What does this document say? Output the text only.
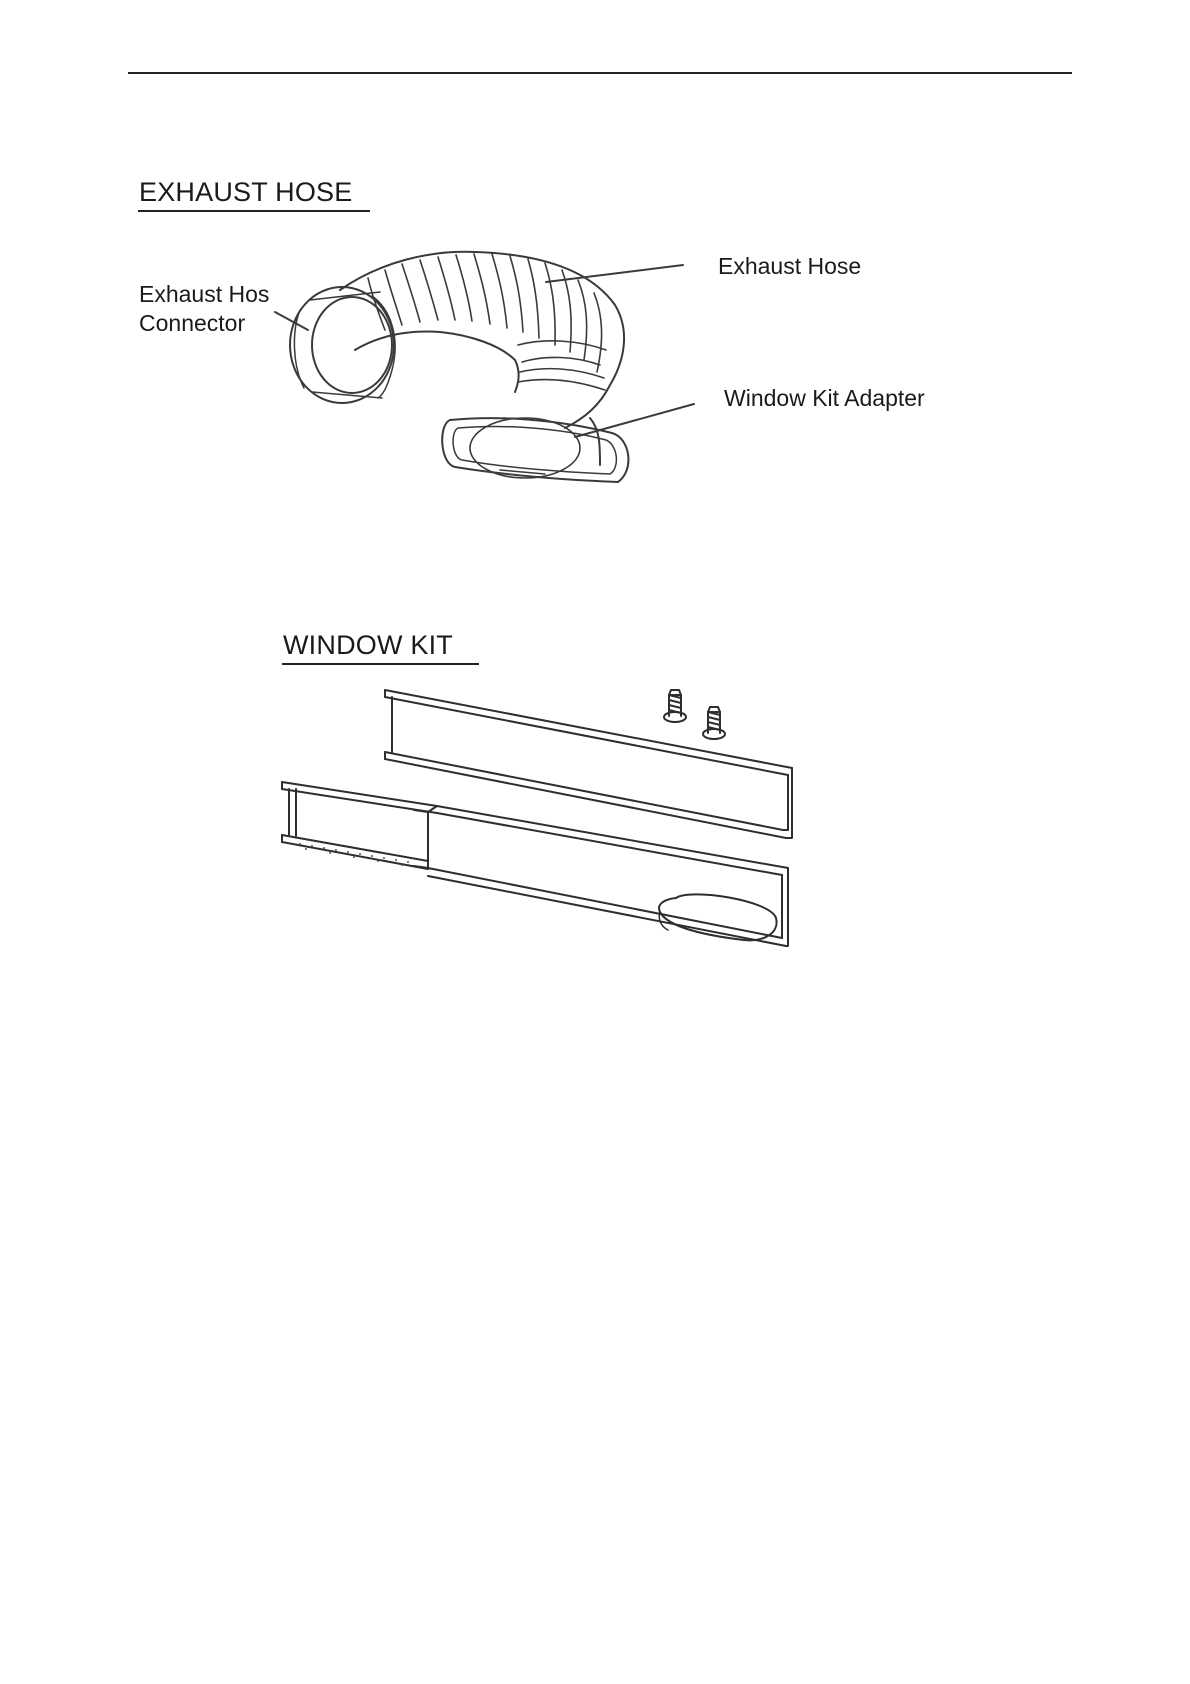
EXHAUST HOSE
Exhaust Hos
Connector
Exhaust Hose
Window Kit Adapter
WINDOW KIT
